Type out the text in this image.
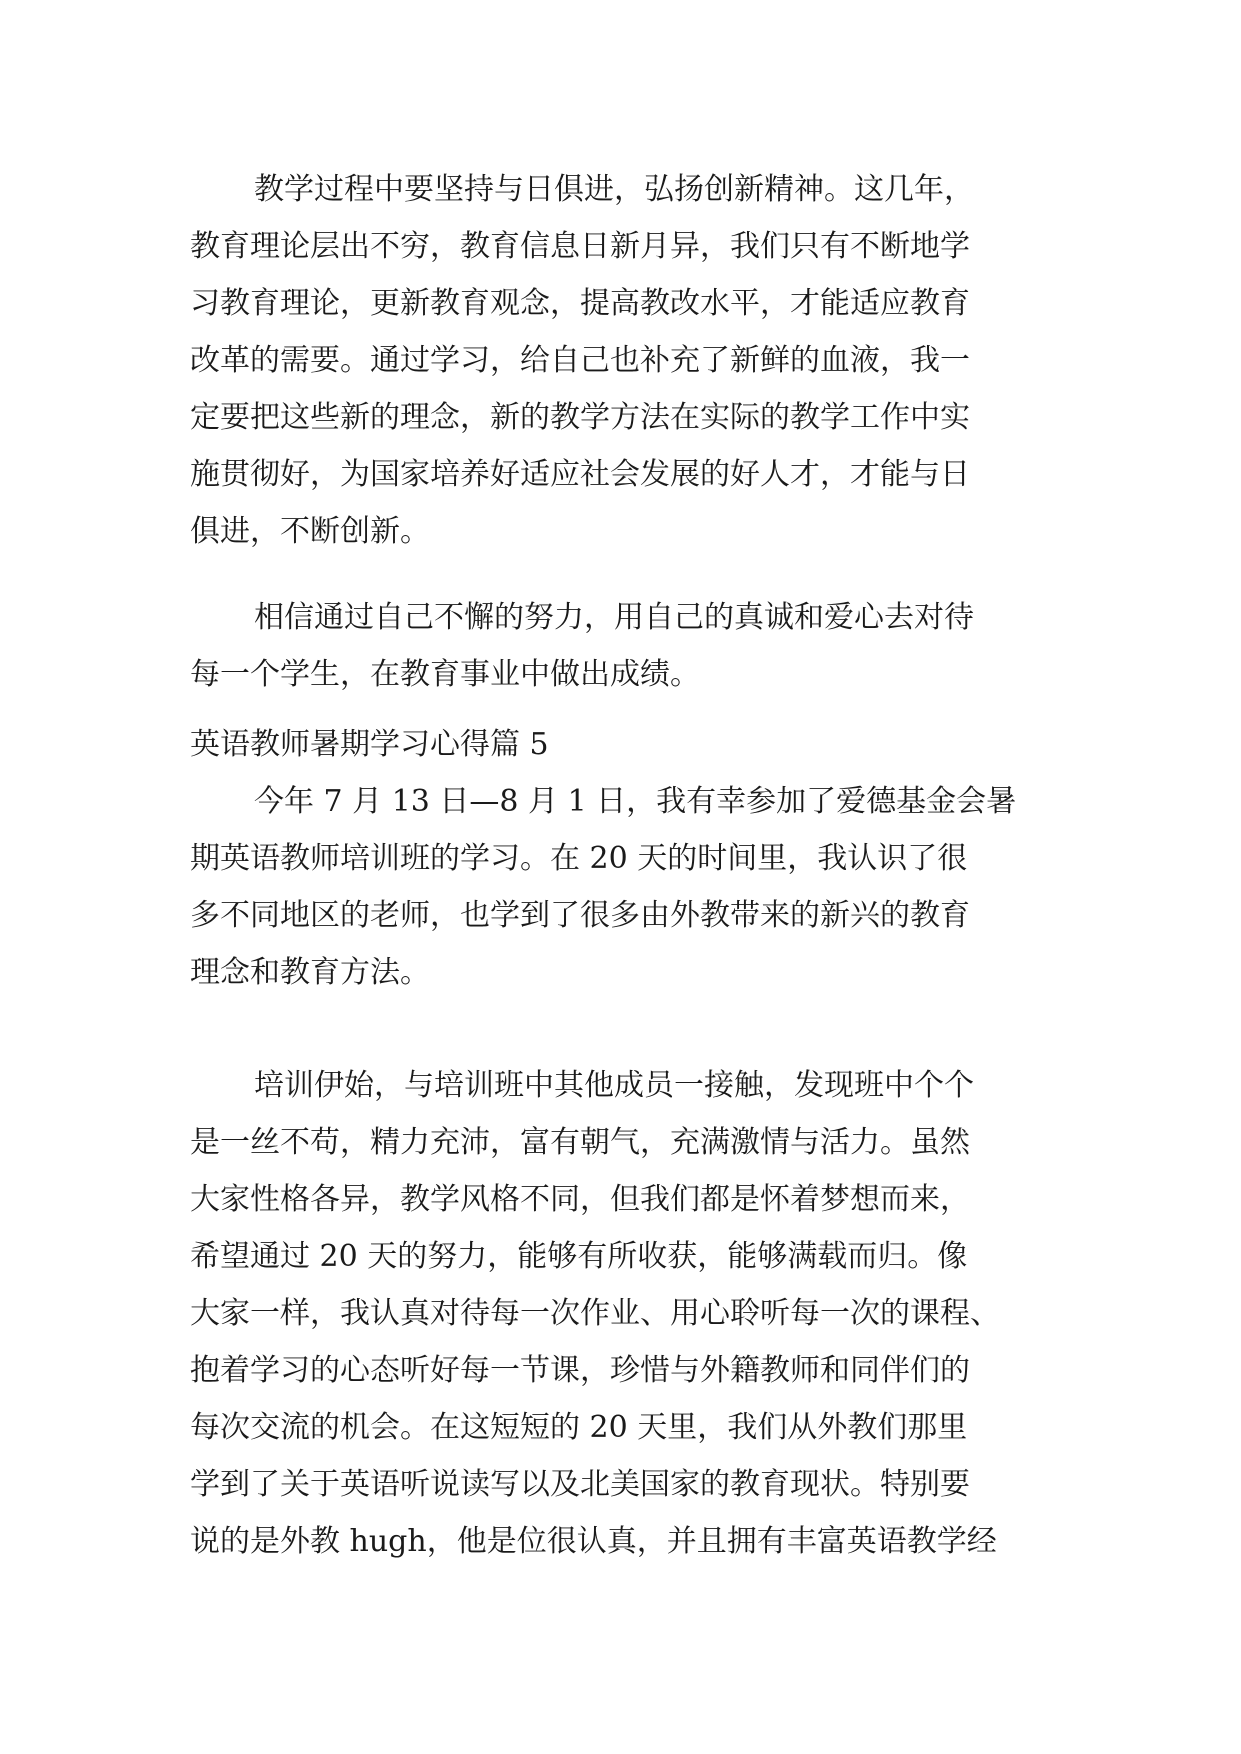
教学过程中要坚持与日俱进，弘扬创新精神。这几年，
教育理论层出不穷，教育信息日新月异，我们只有不断地学
习教育理论，更新教育观念，提高教改水平，才能适应教育
改革的需要。通过学习，给自己也补充了新鲜的血液，我一
定要把这些新的理念，新的教学方法在实际的教学工作中实
施贯彻好，为国家培养好适应社会发展的好人才，才能与日
俱进，不断创新。
相信通过自己不懈的努力，用自己的真诚和爱心去对待
每一个学生，在教育事业中做出成绩。
英语教师暑期学习心得篇 5
今年 7 月 13 日—8 月 1 日，我有幸参加了爱德基金会暑
期英语教师培训班的学习。在 20 天的时间里，我认识了很
多不同地区的老师，也学到了很多由外教带来的新兴的教育
理念和教育方法。
培训伊始，与培训班中其他成员一接触，发现班中个个
是一丝不苟，精力充沛，富有朝气，充满激情与活力。虽然
大家性格各异，教学风格不同，但我们都是怀着梦想而来，
希望通过 20 天的努力，能够有所收获，能够满载而归。像
大家一样，我认真对待每一次作业、用心聆听每一次的课程、
抱着学习的心态听好每一节课，珍惜与外籍教师和同伴们的
每次交流的机会。在这短短的 20 天里，我们从外教们那里
学到了关于英语听说读写以及北美国家的教育现状。特别要
说的是外教 hugh，他是位很认真，并且拥有丰富英语教学经
